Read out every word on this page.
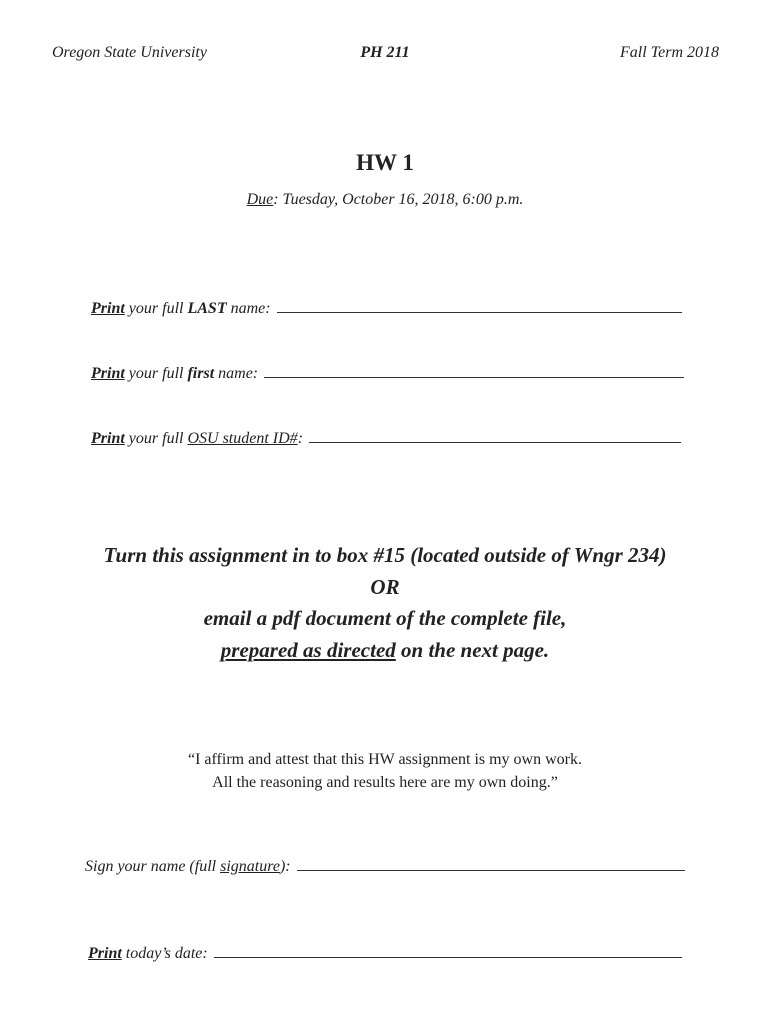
Oregon State University	PH 211	Fall Term 2018
HW 1
Due: Tuesday, October 16, 2018, 6:00 p.m.
Print your full LAST name:
Print your full first name:
Print your full OSU student ID#:
Turn this assignment in to box #15 (located outside of Wngr 234)
OR
email a pdf document of the complete file,
prepared as directed on the next page.
“I affirm and attest that this HW assignment is my own work.
All the reasoning and results here are my own doing.”
Sign your name (full signature):
Print today’s date:
